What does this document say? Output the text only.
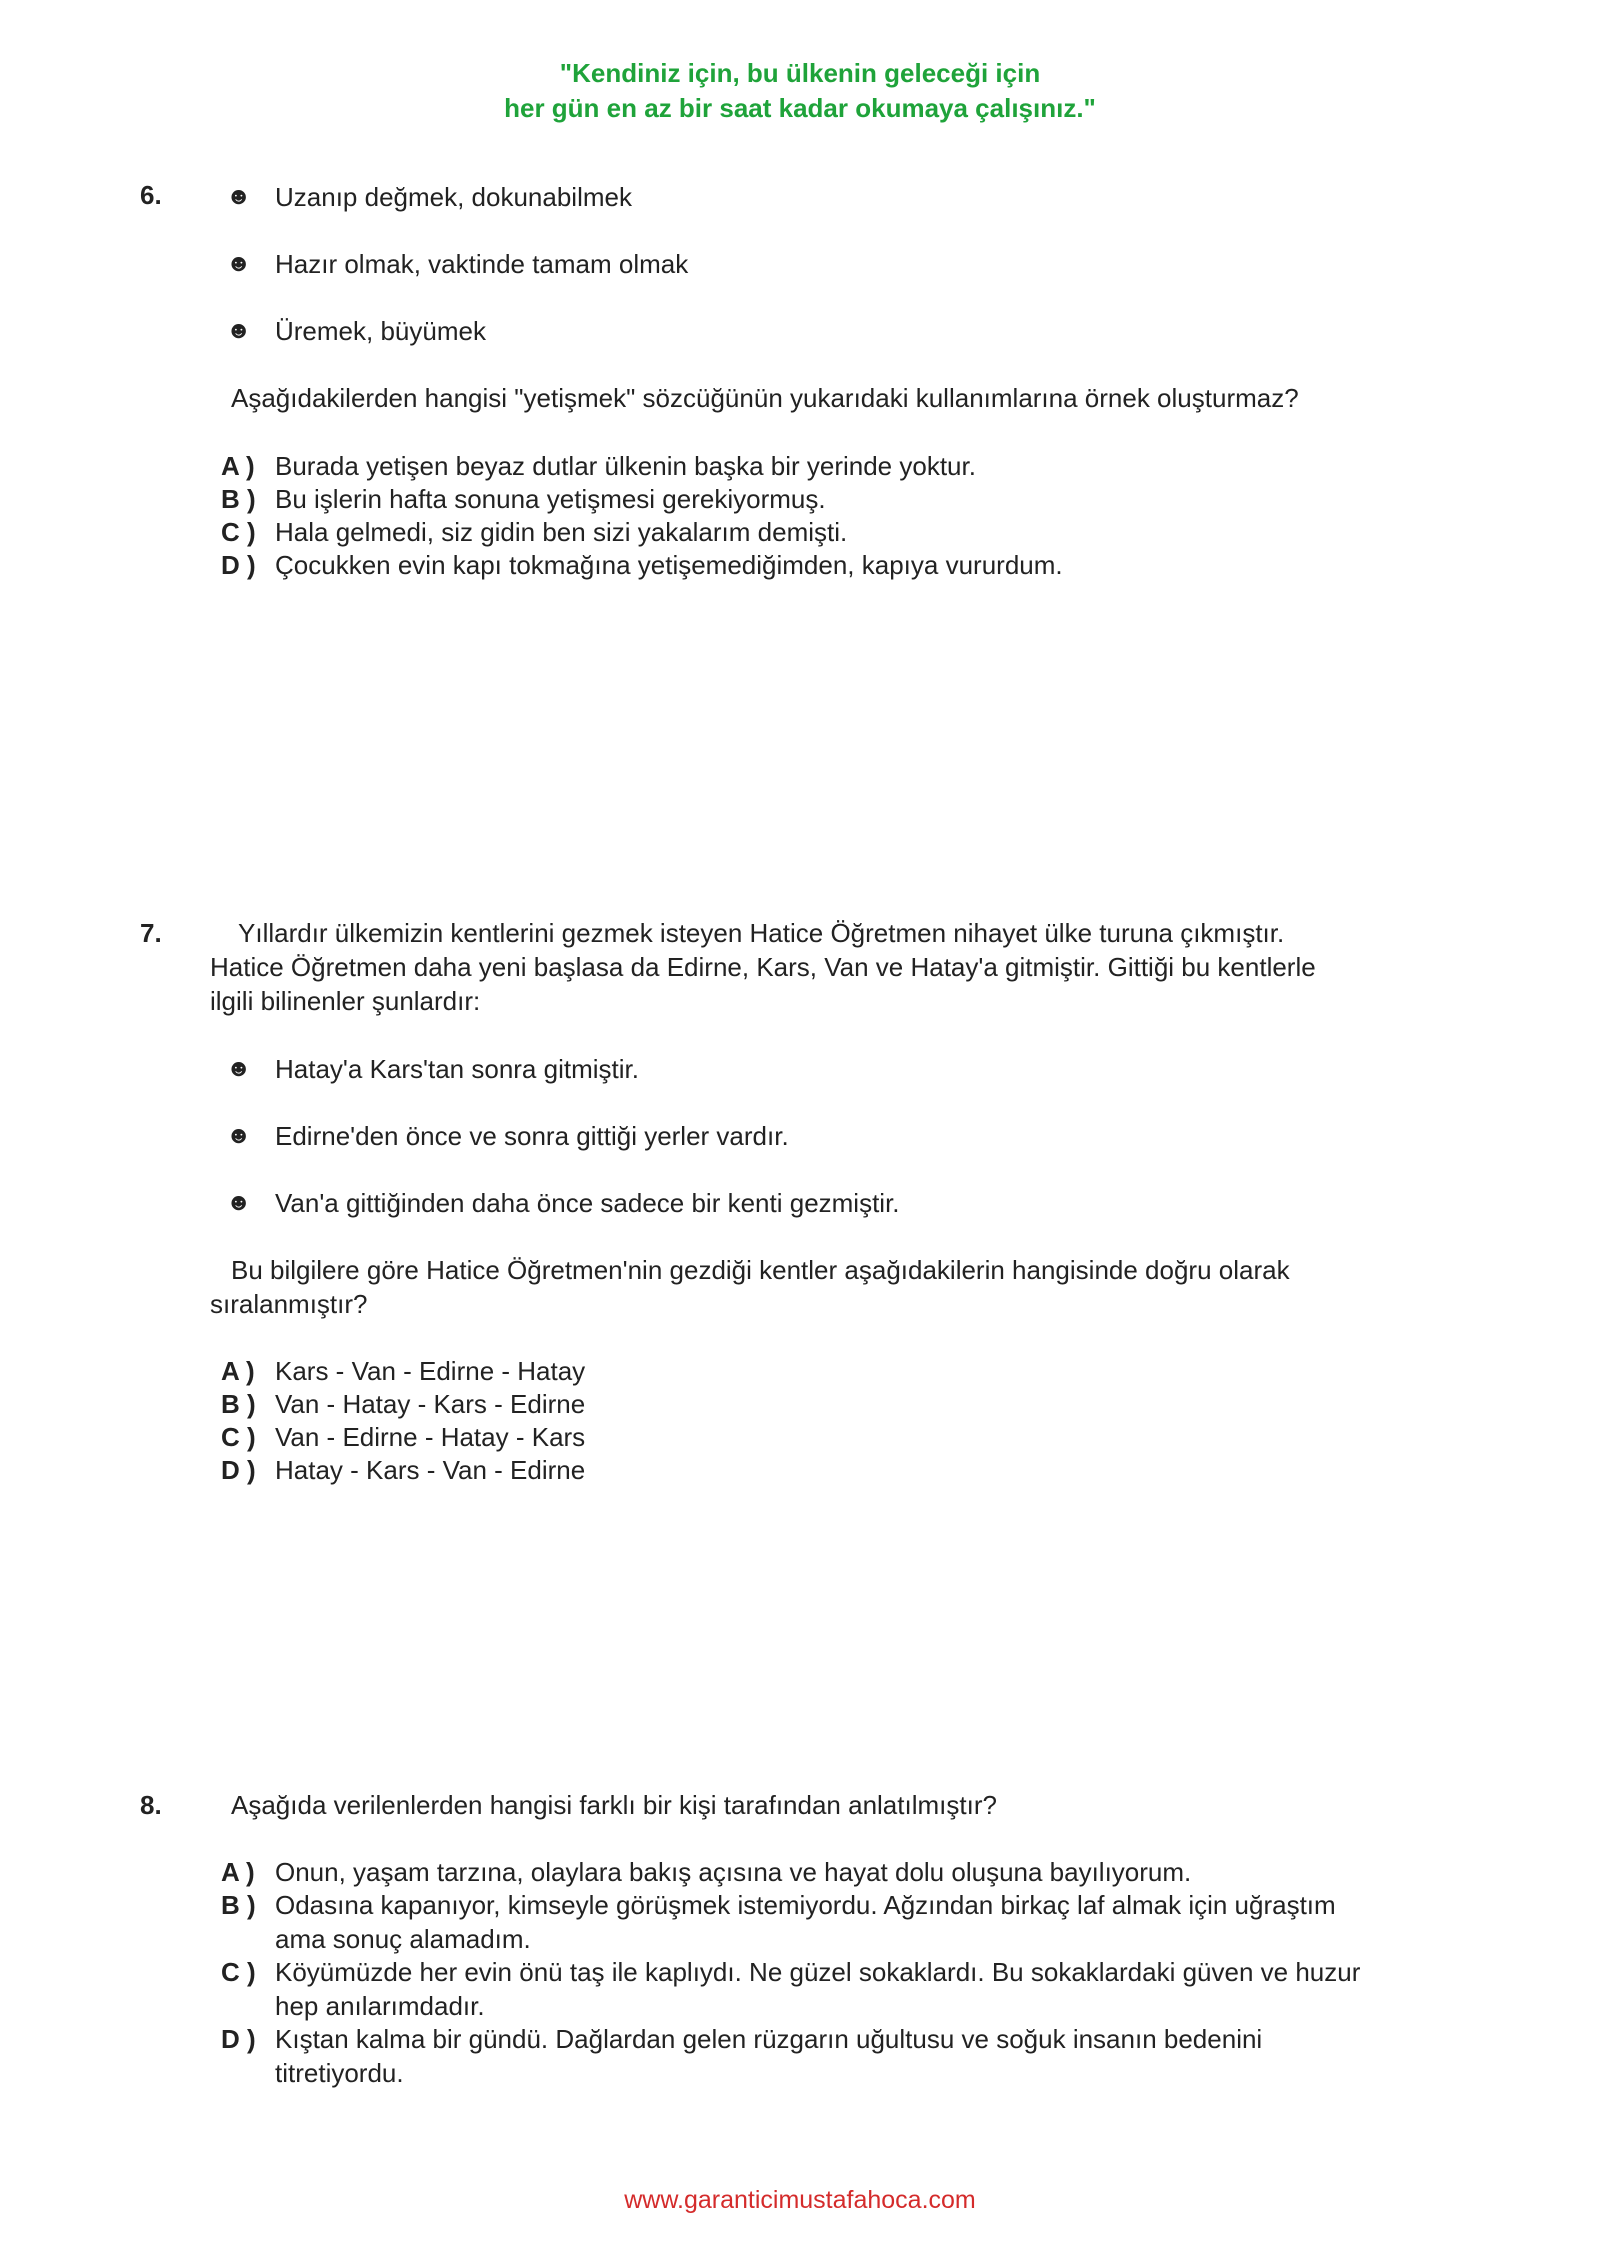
"Kendiniz için, bu ülkenin geleceği için
her gün en az bir saat kadar okumaya çalışınız."
6.	☻ Uzanıp değmek, dokunabilmek
☻ Hazır olmak, vaktinde tamam olmak
☻ Üremek, büyümek
Aşağıdakilerden hangisi "yetişmek" sözcüğünün yukarıdaki kullanımlarına örnek oluşturmaz?
A ) Burada yetişen beyaz dutlar ülkenin başka bir yerinde yoktur.
B ) Bu işlerin hafta sonuna yetişmesi gerekiyormuş.
C ) Hala gelmedi, siz gidin ben sizi yakalarım demişti.
D ) Çocukken evin kapı tokmağına yetişemediğimden, kapıya vururdum.
7.	Yıllardır ülkemizin kentlerini gezmek isteyen Hatice Öğretmen nihayet ülke turuna çıkmıştır.
Hatice Öğretmen daha yeni başlasa da Edirne, Kars, Van ve Hatay'a gitmiştir. Gittiği bu kentlerle
ilgili bilinenler şunlardır:
☻ Hatay'a Kars'tan sonra gitmiştir.
☻ Edirne'den önce ve sonra gittiği yerler vardır.
☻ Van'a gittiğinden daha önce sadece bir kenti gezmiştir.
Bu bilgilere göre Hatice Öğretmen'nin gezdiği kentler aşağıdakilerin hangisinde doğru olarak
sıralanmıştır?
A ) Kars - Van - Edirne - Hatay
B ) Van - Hatay - Kars - Edirne
C ) Van - Edirne - Hatay - Kars
D ) Hatay - Kars - Van - Edirne
8.	Aşağıda verilenlerden hangisi farklı bir kişi tarafından anlatılmıştır?
A ) Onun, yaşam tarzına, olaylara bakış açısına ve hayat dolu oluşuna bayılıyorum.
B ) Odasına kapanıyor, kimseyle görüşmek istemiyordu. Ağzından birkaç laf almak için uğraştım
ama sonuç alamadım.
C ) Köyümüzde her evin önü taş ile kaplıydı. Ne güzel sokaklardı. Bu sokaklardaki güven ve huzur
hep anılarımdadır.
D ) Kıştan kalma bir gündü. Dağlardan gelen rüzgarın uğultusu ve soğuk insanın bedenini
titretiyordu.
www.garanticimustafahoca.com
